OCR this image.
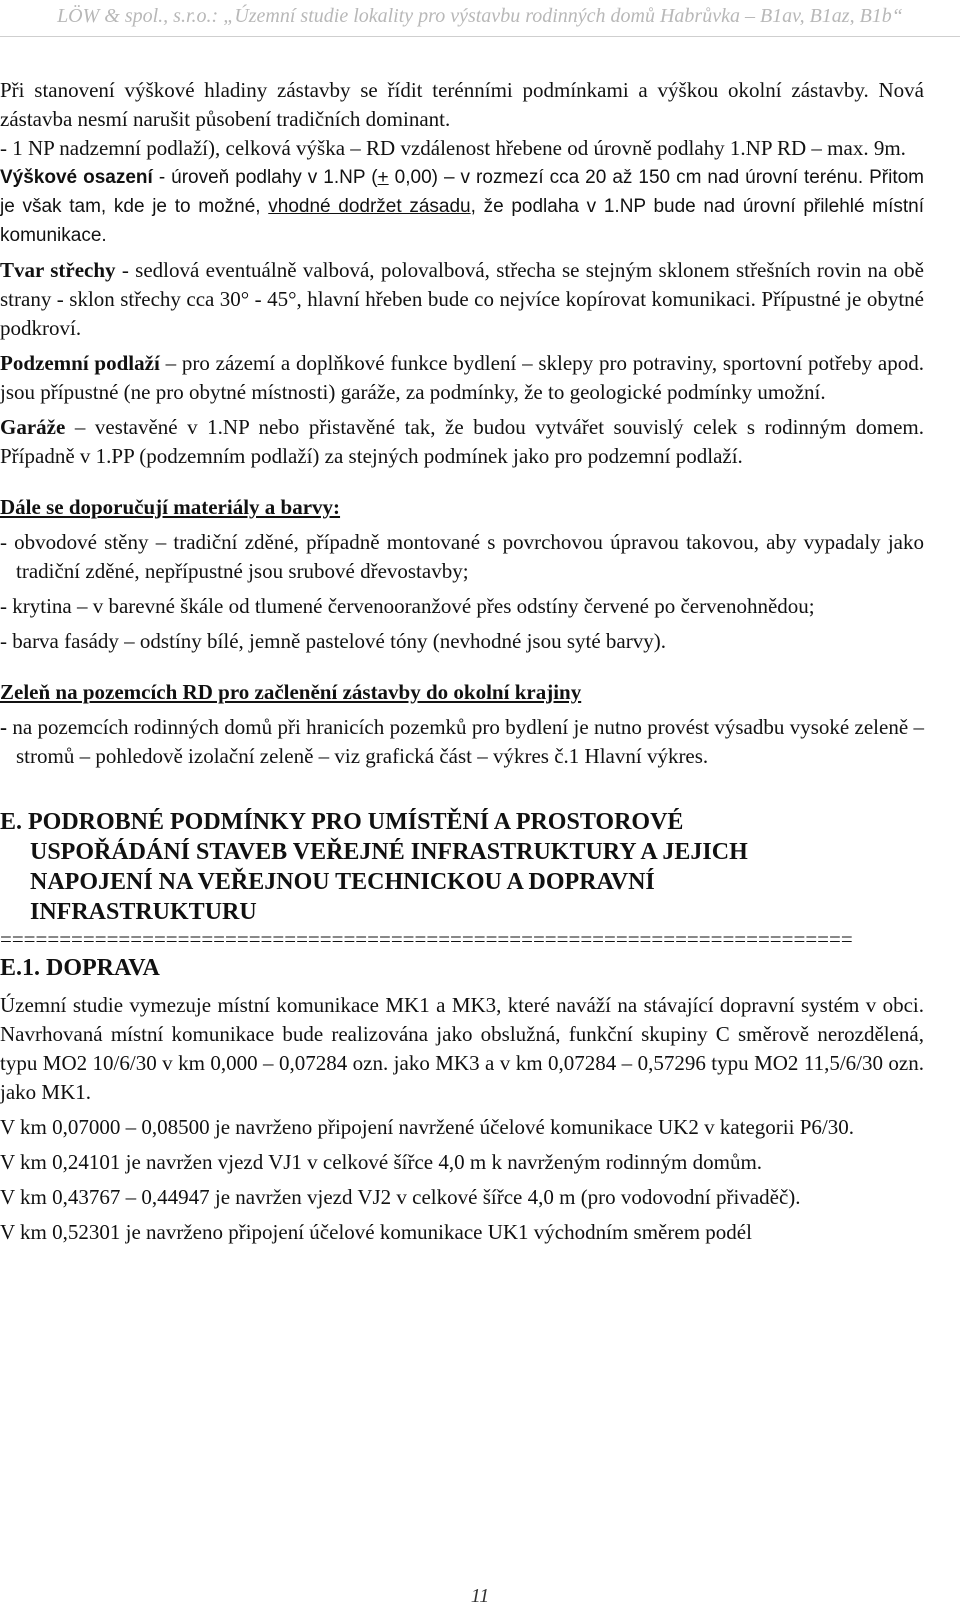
LÖW & spol., s.r.o.: „Územní studie lokality pro výstavbu rodinných domů Habrůvka – B1av, B1az, B1b“

Při stanovení výškové hladiny zástavby se řídit terénními podmínkami a výškou okolní zástavby. Nová zástavba nesmí narušit působení tradičních dominant.

- 1 NP nadzemní podlaží), celková výška – RD vzdálenost hřebene od úrovně podlahy 1.NP RD – max. 9m.

Výškové osazení - úroveň podlahy v 1.NP (+ 0,00) – v rozmezí cca 20 až 150 cm nad úrovní terénu. Přitom je však tam, kde je to možné, vhodné dodržet zásadu, že podlaha v 1.NP bude nad úrovní přilehlé místní komunikace.

Tvar střechy - sedlová eventuálně valbová, polovalbová, střecha se stejným sklonem střešních rovin na obě strany - sklon střechy cca 30° - 45°, hlavní hřeben bude co nejvíce kopírovat komunikaci. Přípustné je obytné podkroví.

Podzemní podlaží – pro zázemí a doplňkové funkce bydlení – sklepy pro potraviny, sportovní potřeby apod. jsou přípustné (ne pro obytné místnosti) garáže, za podmínky, že to geologické podmínky umožní.

Garáže – vestavěné v 1.NP nebo přistavěné tak, že budou vytvářet souvislý celek s rodinným domem. Případně v 1.PP (podzemním podlaží) za stejných podmínek jako pro podzemní podlaží.

Dále se doporučují materiály a barvy:

- obvodové stěny – tradiční zděné, případně montované s povrchovou úpravou takovou, aby vypadaly jako tradiční zděné, nepřípustné jsou srubové dřevostavby;

- krytina – v barevné škále od tlumené červenooranžové přes odstíny červené po červenohnědou;

- barva fasády – odstíny bílé, jemně pastelové tóny (nevhodné jsou syté barvy).

Zeleň na pozemcích RD pro začlenění zástavby do okolní krajiny

- na pozemcích rodinných domů při hranicích pozemků pro bydlení je nutno provést výsadbu vysoké zeleně – stromů – pohledově izolační zeleně – viz grafická část – výkres č.1 Hlavní výkres.

E. PODROBNÉ PODMÍNKY PRO UMÍSTĚNÍ A PROSTOROVÉ
USPOŘÁDÁNÍ STAVEB VEŘEJNÉ INFRASTRUKTURY A JEJICH
NAPOJENÍ NA VEŘEJNOU TECHNICKOU A DOPRAVNÍ
INFRASTRUKTURU
========================================================================
E.1. DOPRAVA

Územní studie vymezuje místní komunikace MK1 a MK3, které naváží na stávající dopravní systém v obci. Navrhovaná místní komunikace bude realizována jako obslužná, funkční skupiny C směrově nerozdělená, typu MO2 10/6/30 v km 0,000 – 0,07284 ozn. jako MK3 a v km 0,07284 – 0,57296 typu MO2 11,5/6/30 ozn. jako MK1.

V km 0,07000 – 0,08500 je navrženo připojení navržené účelové komunikace UK2 v kategorii P6/30.

V km 0,24101 je navržen vjezd VJ1 v celkové šířce 4,0 m k navrženým rodinným domům.

V km 0,43767 – 0,44947 je navržen vjezd VJ2 v celkové šířce 4,0 m (pro vodovodní přivaděč).

V km 0,52301 je navrženo připojení účelové komunikace UK1 východním směrem podél

11
